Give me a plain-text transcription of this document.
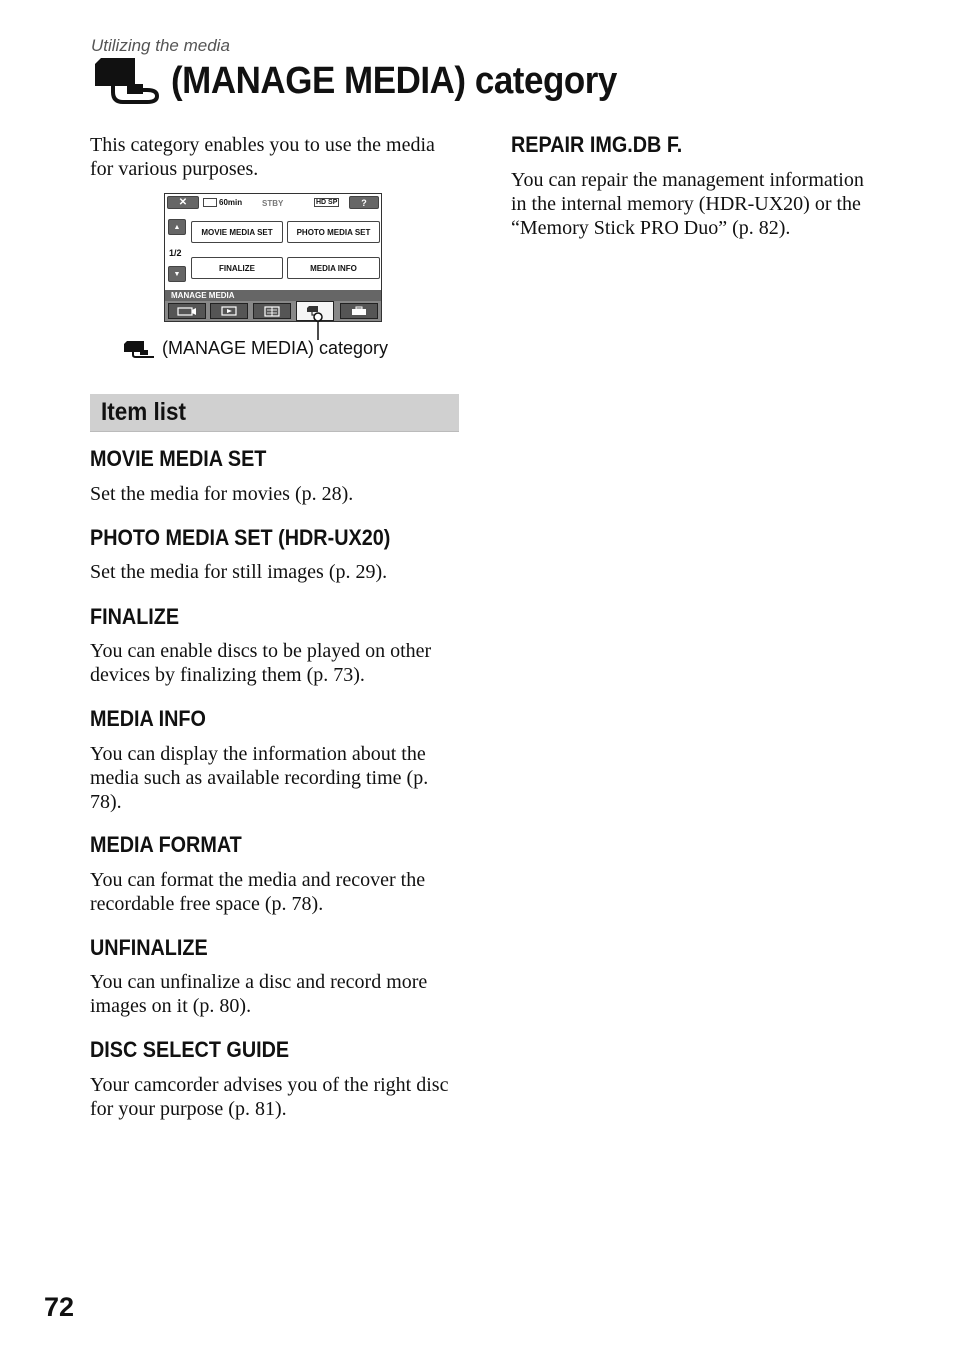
Utilizing the media
(MANAGE MEDIA) category
This category enables you to use the media for various purposes.
✕	60min STBY	HD SP	?
▲
1/2
▼
MOVIE MEDIA SET	PHOTO MEDIA SET
FINALIZE	MEDIA INFO
MANAGE MEDIA
(MANAGE MEDIA) category
Item list
MOVIE MEDIA SET
Set the media for movies (p. 28).
PHOTO MEDIA SET (HDR-UX20)
Set the media for still images (p. 29).
FINALIZE
You can enable discs to be played on other devices by finalizing them (p. 73).
MEDIA INFO
You can display the information about the media such as available recording time (p. 78).
MEDIA FORMAT
You can format the media and recover the recordable free space (p. 78).
UNFINALIZE
You can unfinalize a disc and record more images on it (p. 80).
DISC SELECT GUIDE
Your camcorder advises you of the right disc for your purpose (p. 81).
REPAIR IMG.DB F.
You can repair the management information in the internal memory (HDR-UX20) or the “Memory Stick PRO Duo” (p. 82).
72
